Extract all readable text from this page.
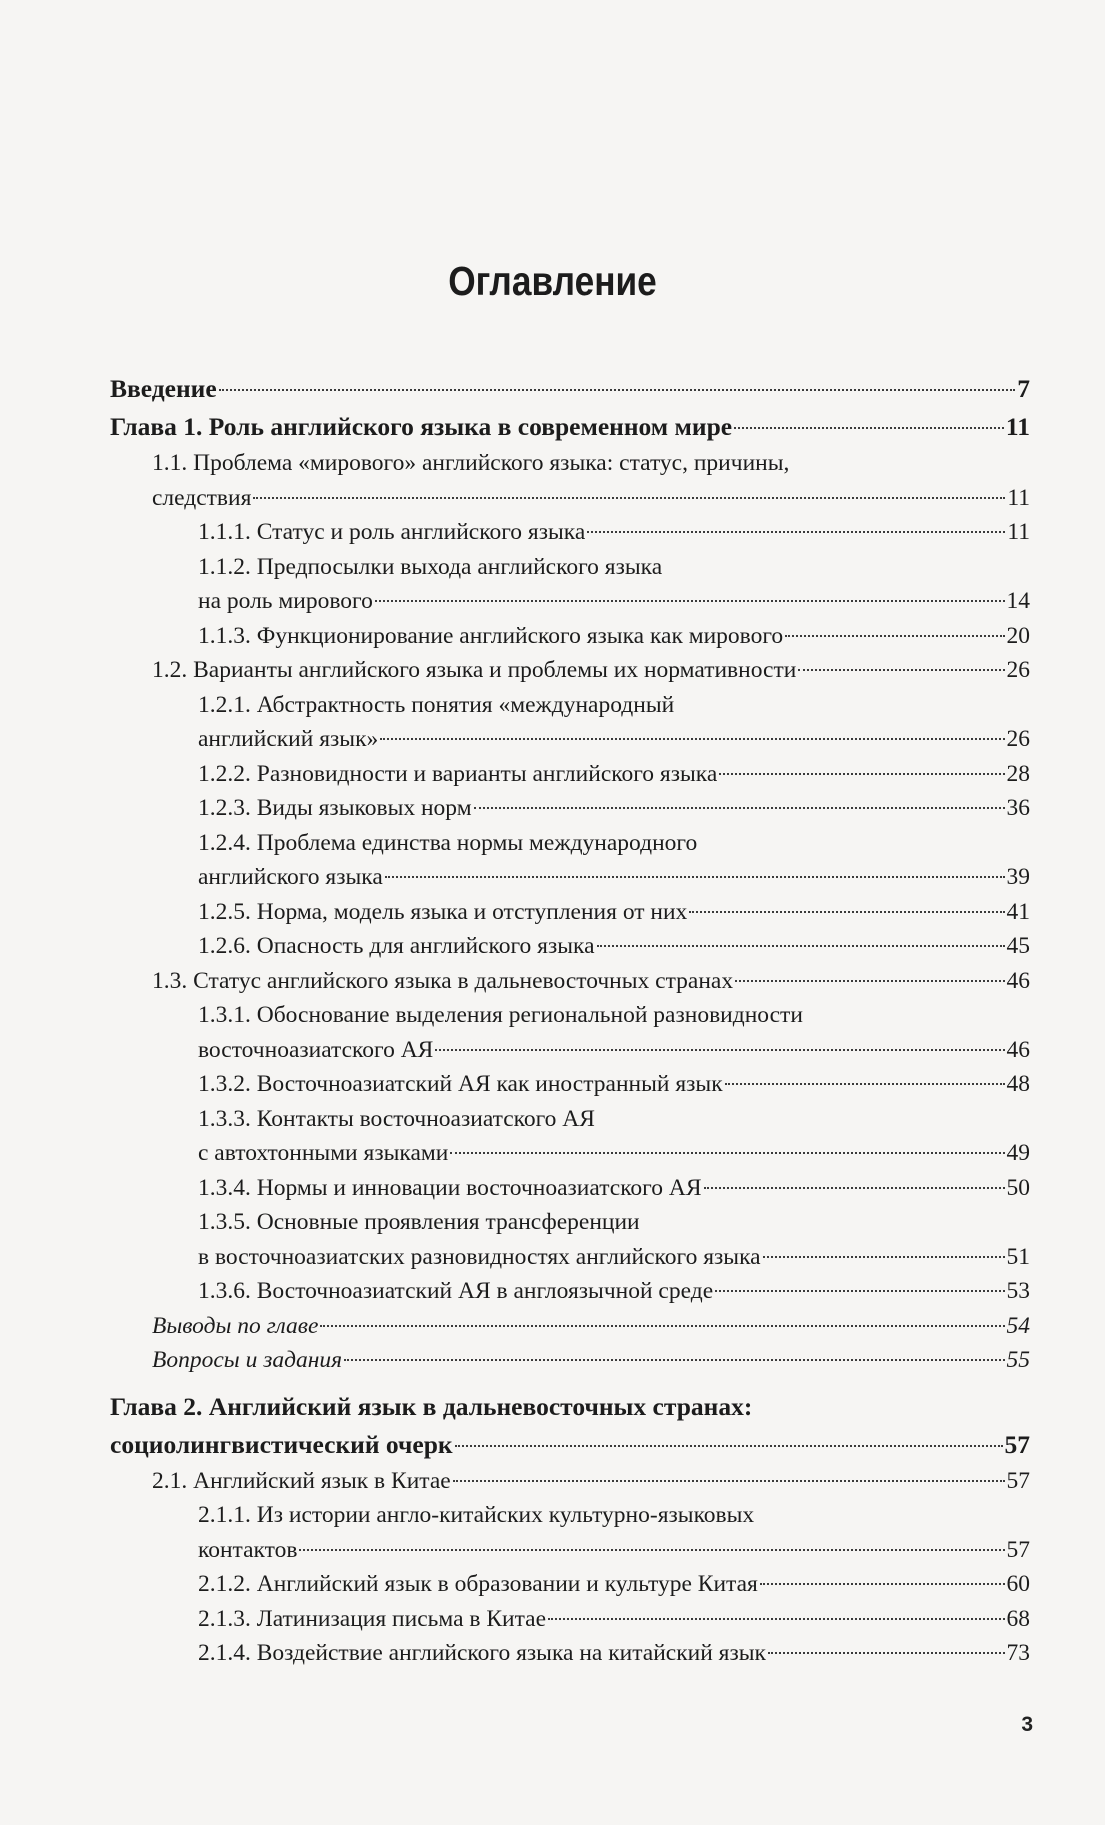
Оглавление
Введение	7
Глава 1. Роль английского языка в современном мире	11
1.1. Проблема «мирового» английского языка: статус, причины,
следствия	11
1.1.1. Статус и роль английского языка	11
1.1.2. Предпосылки выхода английского языка
на роль мирового	14
1.1.3. Функционирование английского языка как мирового	20
1.2. Варианты английского языка и проблемы их нормативности	26
1.2.1. Абстрактность понятия «международный
английский язык»	26
1.2.2. Разновидности и варианты английского языка	28
1.2.3. Виды языковых норм	36
1.2.4. Проблема единства нормы международного
английского языка	39
1.2.5. Норма, модель языка и отступления от них	41
1.2.6. Опасность для английского языка	45
1.3. Статус английского языка в дальневосточных странах	46
1.3.1. Обоснование выделения региональной разновидности
восточноазиатского АЯ	46
1.3.2. Восточноазиатский АЯ как иностранный язык	48
1.3.3. Контакты восточноазиатского АЯ
с автохтонными языками	49
1.3.4. Нормы и инновации восточноазиатского АЯ	50
1.3.5. Основные проявления трансференции
в восточноазиатских разновидностях английского языка	51
1.3.6. Восточноазиатский АЯ в англоязычной среде	53
Выводы по главе	54
Вопросы и задания	55
Глава 2. Английский язык в дальневосточных странах:
социолингвистический очерк	57
2.1. Английский язык в Китае	57
2.1.1. Из истории англо-китайских культурно-языковых
контактов	57
2.1.2. Английский язык в образовании и культуре Китая	60
2.1.3. Латинизация письма в Китае	68
2.1.4. Воздействие английского языка на китайский язык	73
3
